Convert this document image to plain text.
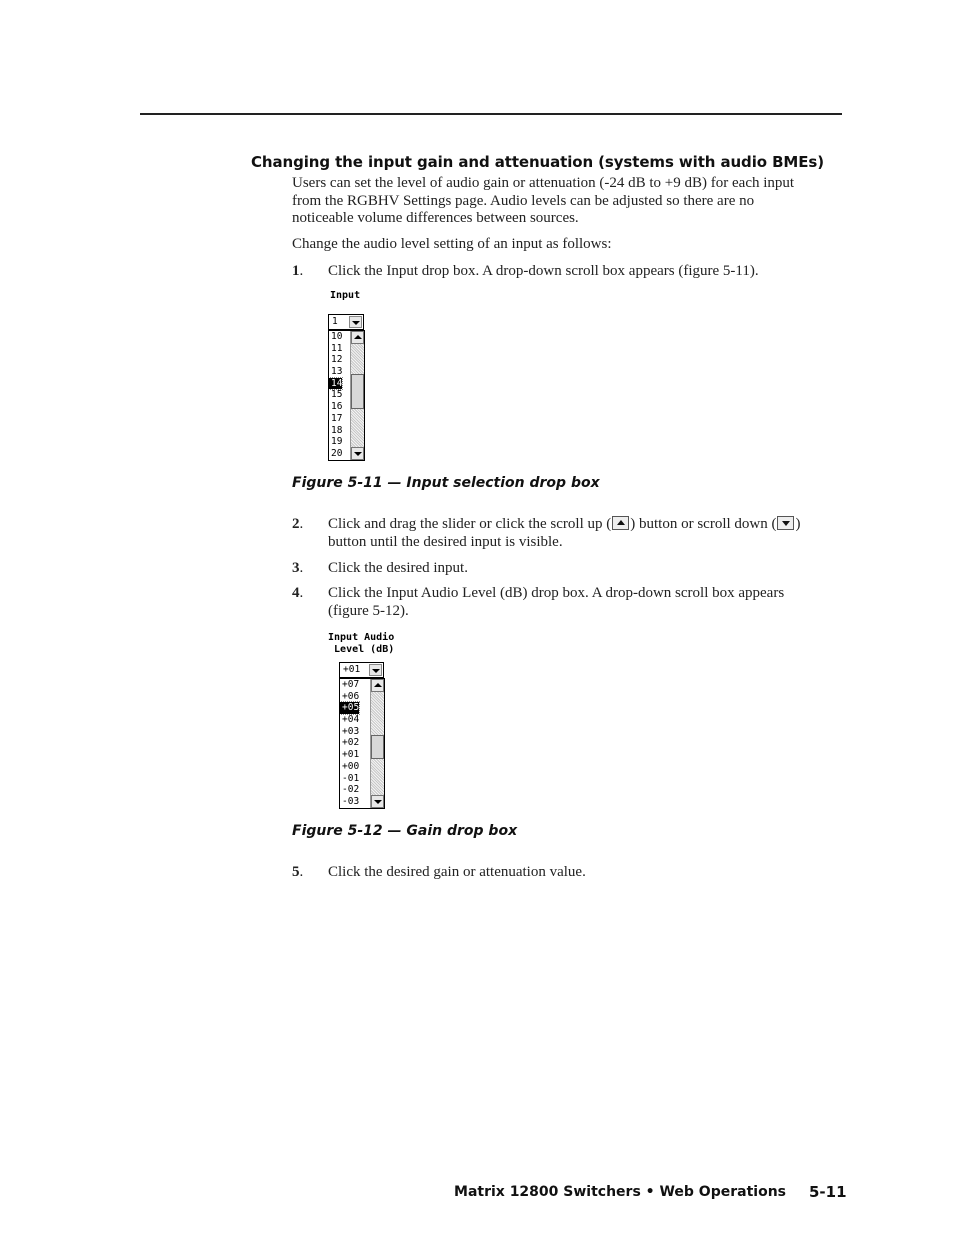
Changing the input gain and attenuation (systems with audio BMEs)
Users can set the level of audio gain or attenuation (-24 dB to +9 dB) for each input
from the RGBHV Settings page. Audio levels can be adjusted so there are no
noticeable volume differences between sources.
Change the audio level setting of an input as follows:
1. Click the Input drop box. A drop-down scroll box appears (figure 5-11).
Input
1
10
11
12
13
14
15
16
17
18
19
20
Figure 5-11 — Input selection drop box
2. Click and drag the slider or click the scroll up ( ) button or scroll down ( )
button until the desired input is visible.
3. Click the desired input.
4. Click the Input Audio Level (dB) drop box. A drop-down scroll box appears
(figure 5-12).
Input Audio
Level (dB)
+01
+07
+06
+05
+04
+03
+02
+01
+00
-01
-02
-03
Figure 5-12 — Gain drop box
5. Click the desired gain or attenuation value.
Matrix 12800 Switchers • Web Operations 5-11
